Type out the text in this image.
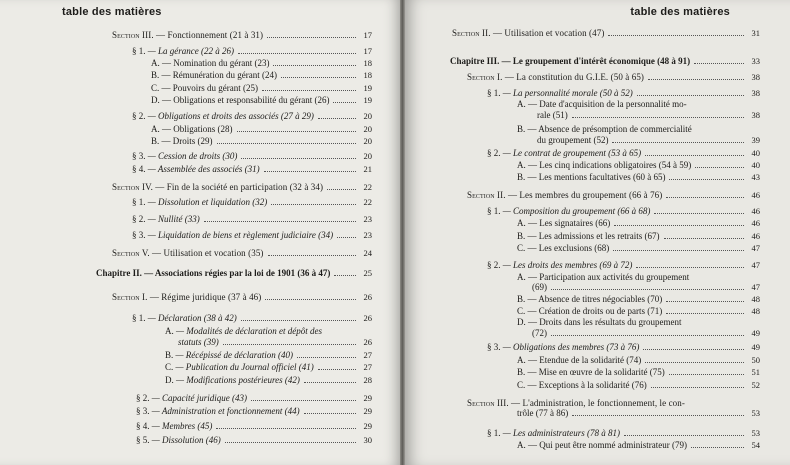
table des matières
Section III. — Fonctionnement (21 à 31)	17
§ 1. — La gérance (22 à 26)	17
A. — Nomination du gérant (23)	18
B. — Rémunération du gérant (24)	18
C. — Pouvoirs du gérant (25)	19
D. — Obligations et responsabilité du gérant (26)	19
§ 2. — Obligations et droits des associés (27 à 29)	20
A. — Obligations (28)	20
B. — Droits (29)	20
§ 3. — Cession de droits (30)	20
§ 4. — Assemblée des associés (31)	21
Section IV. — Fin de la société en participation (32 à 34)	22
§ 1. — Dissolution et liquidation (32)	22
§ 2. — Nullité (33)	23
§ 3. — Liquidation de biens et règlement judiciaire (34)	23
Section V. — Utilisation et vocation (35)	24
Chapitre II. — Associations régies par la loi de 1901 (36 à 47)	25
Section I. — Régime juridique (37 à 46)	26
§ 1. — Déclaration (38 à 42)	26
A. — Modalités de déclaration et dépôt des
statuts (39)	26
B. — Récépissé de déclaration (40)	27
C. — Publication du Journal officiel (41)	27
D. — Modifications postérieures (42)	28
§ 2. — Capacité juridique (43)	29
§ 3. — Administration et fonctionnement (44)	29
§ 4. — Membres (45)	29
§ 5. — Dissolution (46)	30
table des matières
Section II. — Utilisation et vocation (47)	31
Chapitre III. — Le groupement d'intérêt économique (48 à 91)	33
Section I. — La constitution du G.I.E. (50 à 65)	38
§ 1. — La personnalité morale (50 à 52)	38
A. — Date d'acquisition de la personnalité mo-
rale (51)	38
B. — Absence de présomption de commercialité
du groupement (52)	39
§ 2. — Le contrat de groupement (53 à 65)	40
A. — Les cinq indications obligatoires (54 à 59)	40
B. — Les mentions facultatives (60 à 65)	43
Section II. — Les membres du groupement (66 à 76)	46
§ 1. — Composition du groupement (66 à 68)	46
A. — Les signataires (66)	46
B. — Les admissions et les retraits (67)	46
C. — Les exclusions (68)	47
§ 2. — Les droits des membres (69 à 72)	47
A. — Participation aux activités du groupement
(69)	47
B. — Absence de titres négociables (70)	48
C. — Création de droits ou de parts (71)	48
D. — Droits dans les résultats du groupement
(72)	49
§ 3. — Obligations des membres (73 à 76)	49
A. — Etendue de la solidarité (74)	50
B. — Mise en œuvre de la solidarité (75)	51
C. — Exceptions à la solidarité (76)	52
Section III. — L'administration, le fonctionnement, le con-
trôle (77 à 86)	53
§ 1. — Les administrateurs (78 à 81)	53
A. — Qui peut être nommé administrateur (79)	54
